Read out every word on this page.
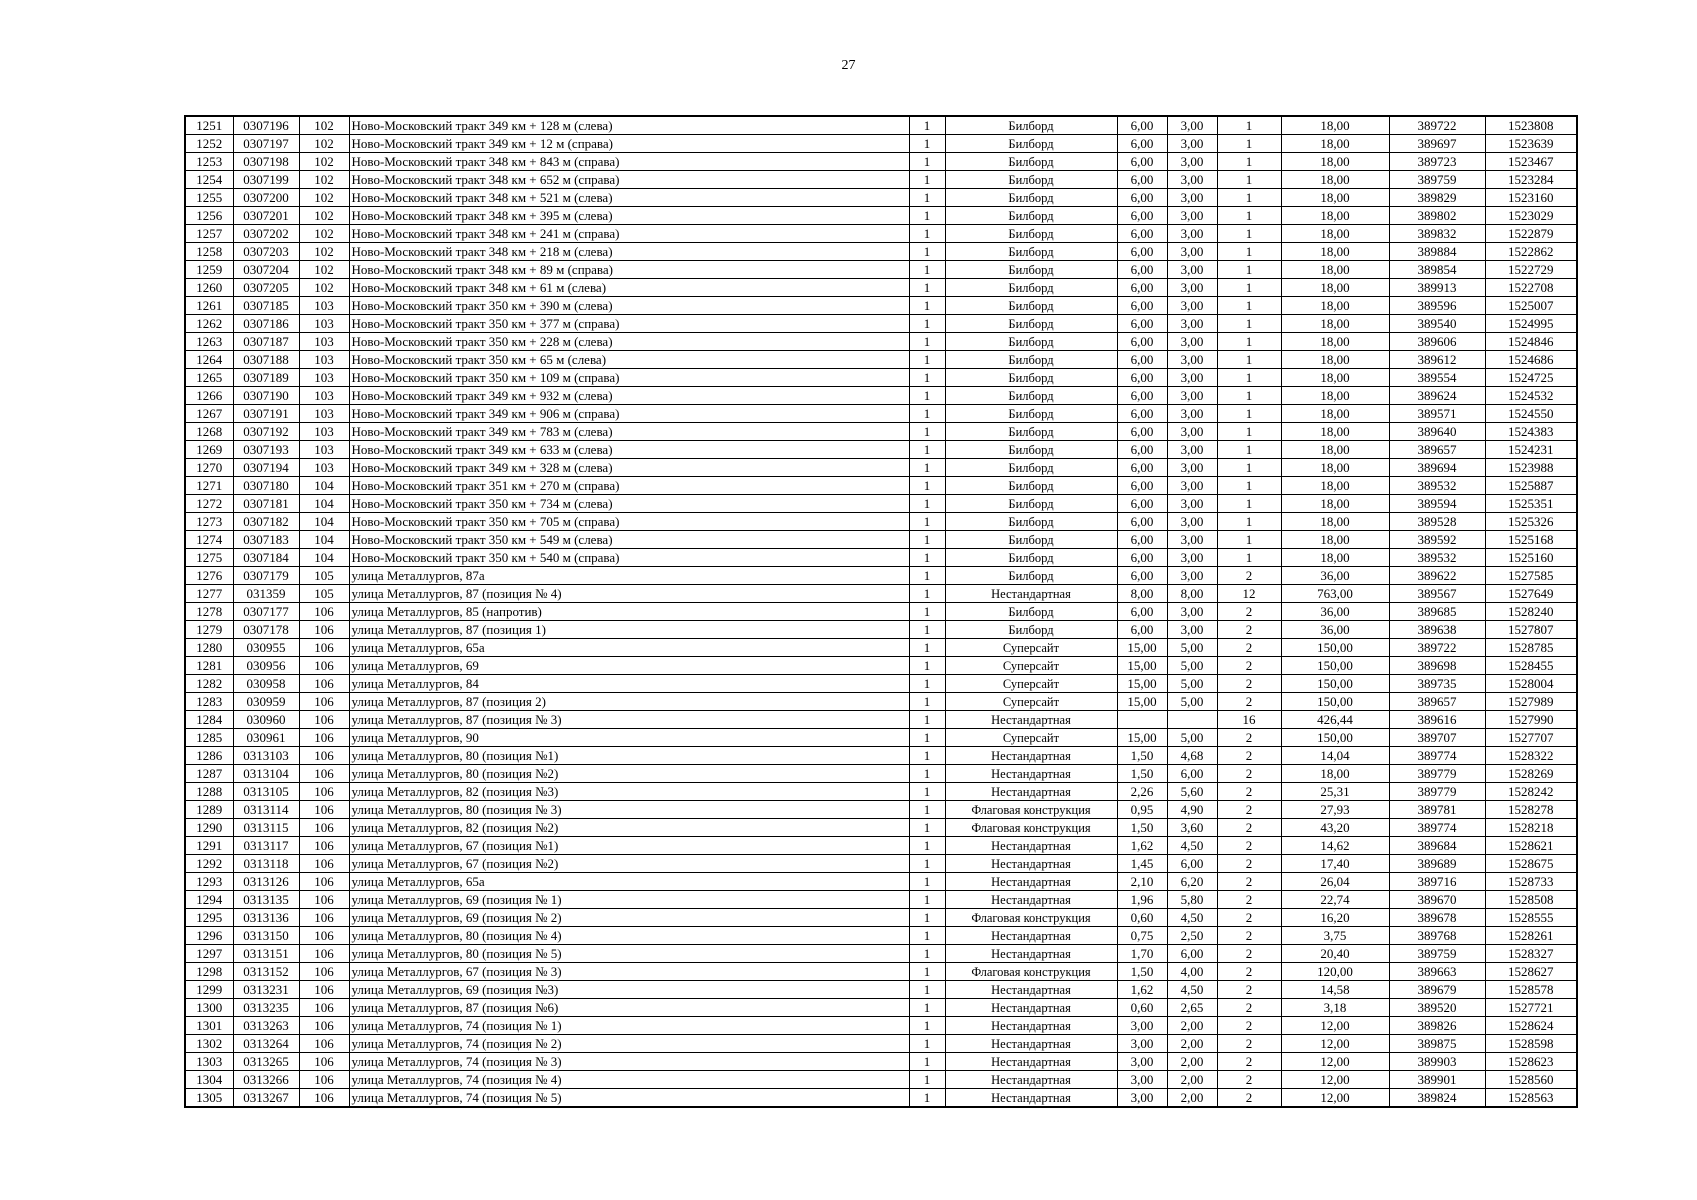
27
1251	0307196	102	Ново-Московский тракт 349 км + 128 м (слева)	1	Билборд	6,00	3,00	1	18,00	389722	1523808
1252	0307197	102	Ново-Московский тракт 349 км + 12 м (справа)	1	Билборд	6,00	3,00	1	18,00	389697	1523639
1253	0307198	102	Ново-Московский тракт 348 км + 843 м (справа)	1	Билборд	6,00	3,00	1	18,00	389723	1523467
1254	0307199	102	Ново-Московский тракт 348 км + 652 м (справа)	1	Билборд	6,00	3,00	1	18,00	389759	1523284
1255	0307200	102	Ново-Московский тракт 348 км + 521 м (слева)	1	Билборд	6,00	3,00	1	18,00	389829	1523160
1256	0307201	102	Ново-Московский тракт 348 км + 395 м (слева)	1	Билборд	6,00	3,00	1	18,00	389802	1523029
1257	0307202	102	Ново-Московский тракт 348 км + 241 м (справа)	1	Билборд	6,00	3,00	1	18,00	389832	1522879
1258	0307203	102	Ново-Московский тракт 348 км + 218 м (слева)	1	Билборд	6,00	3,00	1	18,00	389884	1522862
1259	0307204	102	Ново-Московский тракт 348 км + 89 м (справа)	1	Билборд	6,00	3,00	1	18,00	389854	1522729
1260	0307205	102	Ново-Московский тракт 348 км + 61 м (слева)	1	Билборд	6,00	3,00	1	18,00	389913	1522708
1261	0307185	103	Ново-Московский тракт 350 км + 390 м (слева)	1	Билборд	6,00	3,00	1	18,00	389596	1525007
1262	0307186	103	Ново-Московский тракт 350 км + 377 м (справа)	1	Билборд	6,00	3,00	1	18,00	389540	1524995
1263	0307187	103	Ново-Московский тракт 350 км + 228 м (слева)	1	Билборд	6,00	3,00	1	18,00	389606	1524846
1264	0307188	103	Ново-Московский тракт 350 км + 65 м (слева)	1	Билборд	6,00	3,00	1	18,00	389612	1524686
1265	0307189	103	Ново-Московский тракт 350 км + 109 м (справа)	1	Билборд	6,00	3,00	1	18,00	389554	1524725
1266	0307190	103	Ново-Московский тракт 349 км + 932 м (слева)	1	Билборд	6,00	3,00	1	18,00	389624	1524532
1267	0307191	103	Ново-Московский тракт 349 км + 906 м (справа)	1	Билборд	6,00	3,00	1	18,00	389571	1524550
1268	0307192	103	Ново-Московский тракт 349 км + 783 м (слева)	1	Билборд	6,00	3,00	1	18,00	389640	1524383
1269	0307193	103	Ново-Московский тракт 349 км + 633 м (слева)	1	Билборд	6,00	3,00	1	18,00	389657	1524231
1270	0307194	103	Ново-Московский тракт 349 км + 328 м (слева)	1	Билборд	6,00	3,00	1	18,00	389694	1523988
1271	0307180	104	Ново-Московский тракт 351 км + 270 м (справа)	1	Билборд	6,00	3,00	1	18,00	389532	1525887
1272	0307181	104	Ново-Московский тракт 350 км + 734 м (слева)	1	Билборд	6,00	3,00	1	18,00	389594	1525351
1273	0307182	104	Ново-Московский тракт 350 км + 705 м (справа)	1	Билборд	6,00	3,00	1	18,00	389528	1525326
1274	0307183	104	Ново-Московский тракт 350 км + 549 м (слева)	1	Билборд	6,00	3,00	1	18,00	389592	1525168
1275	0307184	104	Ново-Московский тракт 350 км + 540 м (справа)	1	Билборд	6,00	3,00	1	18,00	389532	1525160
1276	0307179	105	улица Металлургов, 87а	1	Билборд	6,00	3,00	2	36,00	389622	1527585
1277	031359	105	улица Металлургов, 87 (позиция № 4)	1	Нестандартная	8,00	8,00	12	763,00	389567	1527649
1278	0307177	106	улица Металлургов, 85 (напротив)	1	Билборд	6,00	3,00	2	36,00	389685	1528240
1279	0307178	106	улица Металлургов, 87 (позиция 1)	1	Билборд	6,00	3,00	2	36,00	389638	1527807
1280	030955	106	улица Металлургов, 65а	1	Суперсайт	15,00	5,00	2	150,00	389722	1528785
1281	030956	106	улица Металлургов, 69	1	Суперсайт	15,00	5,00	2	150,00	389698	1528455
1282	030958	106	улица Металлургов, 84	1	Суперсайт	15,00	5,00	2	150,00	389735	1528004
1283	030959	106	улица Металлургов, 87 (позиция 2)	1	Суперсайт	15,00	5,00	2	150,00	389657	1527989
1284	030960	106	улица Металлургов, 87 (позиция № 3)	1	Нестандартная			16	426,44	389616	1527990
1285	030961	106	улица Металлургов, 90	1	Суперсайт	15,00	5,00	2	150,00	389707	1527707
1286	0313103	106	улица Металлургов, 80 (позиция №1)	1	Нестандартная	1,50	4,68	2	14,04	389774	1528322
1287	0313104	106	улица Металлургов, 80 (позиция №2)	1	Нестандартная	1,50	6,00	2	18,00	389779	1528269
1288	0313105	106	улица Металлургов, 82 (позиция №3)	1	Нестандартная	2,26	5,60	2	25,31	389779	1528242
1289	0313114	106	улица Металлургов, 80 (позиция № 3)	1	Флаговая конструкция	0,95	4,90	2	27,93	389781	1528278
1290	0313115	106	улица Металлургов, 82 (позиция №2)	1	Флаговая конструкция	1,50	3,60	2	43,20	389774	1528218
1291	0313117	106	улица Металлургов, 67 (позиция №1)	1	Нестандартная	1,62	4,50	2	14,62	389684	1528621
1292	0313118	106	улица Металлургов, 67 (позиция №2)	1	Нестандартная	1,45	6,00	2	17,40	389689	1528675
1293	0313126	106	улица Металлургов, 65а	1	Нестандартная	2,10	6,20	2	26,04	389716	1528733
1294	0313135	106	улица Металлургов, 69 (позиция № 1)	1	Нестандартная	1,96	5,80	2	22,74	389670	1528508
1295	0313136	106	улица Металлургов, 69 (позиция № 2)	1	Флаговая конструкция	0,60	4,50	2	16,20	389678	1528555
1296	0313150	106	улица Металлургов, 80 (позиция № 4)	1	Нестандартная	0,75	2,50	2	3,75	389768	1528261
1297	0313151	106	улица Металлургов, 80 (позиция № 5)	1	Нестандартная	1,70	6,00	2	20,40	389759	1528327
1298	0313152	106	улица Металлургов, 67 (позиция № 3)	1	Флаговая конструкция	1,50	4,00	2	120,00	389663	1528627
1299	0313231	106	улица Металлургов, 69 (позиция №3)	1	Нестандартная	1,62	4,50	2	14,58	389679	1528578
1300	0313235	106	улица Металлургов, 87 (позиция №6)	1	Нестандартная	0,60	2,65	2	3,18	389520	1527721
1301	0313263	106	улица Металлургов, 74 (позиция № 1)	1	Нестандартная	3,00	2,00	2	12,00	389826	1528624
1302	0313264	106	улица Металлургов, 74 (позиция № 2)	1	Нестандартная	3,00	2,00	2	12,00	389875	1528598
1303	0313265	106	улица Металлургов, 74 (позиция № 3)	1	Нестандартная	3,00	2,00	2	12,00	389903	1528623
1304	0313266	106	улица Металлургов, 74 (позиция № 4)	1	Нестандартная	3,00	2,00	2	12,00	389901	1528560
1305	0313267	106	улица Металлургов, 74 (позиция № 5)	1	Нестандартная	3,00	2,00	2	12,00	389824	1528563
